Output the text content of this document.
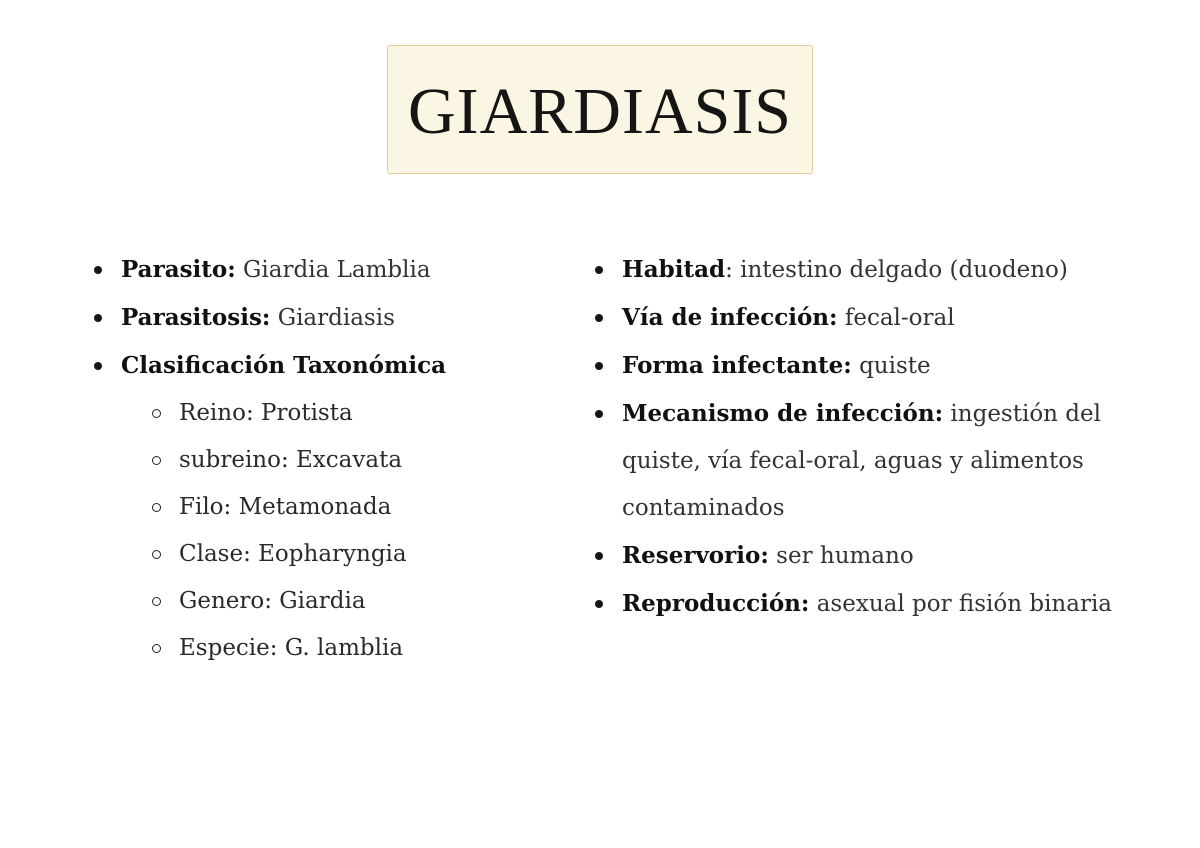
GIARDIASIS
Parasito: Giardia Lamblia
Parasitosis: Giardiasis
Clasificación Taxonómica
Reino: Protista
subreino: Excavata
Filo: Metamonada
Clase: Eopharyngia
Genero: Giardia
Especie: G. lamblia
Habitad: intestino delgado (duodeno)
Vía de infección: fecal-oral
Forma infectante: quiste
Mecanismo de infección: ingestión del quiste, vía fecal-oral, aguas y alimentos contaminados
Reservorio: ser humano
Reproducción: asexual por fisión binaria
